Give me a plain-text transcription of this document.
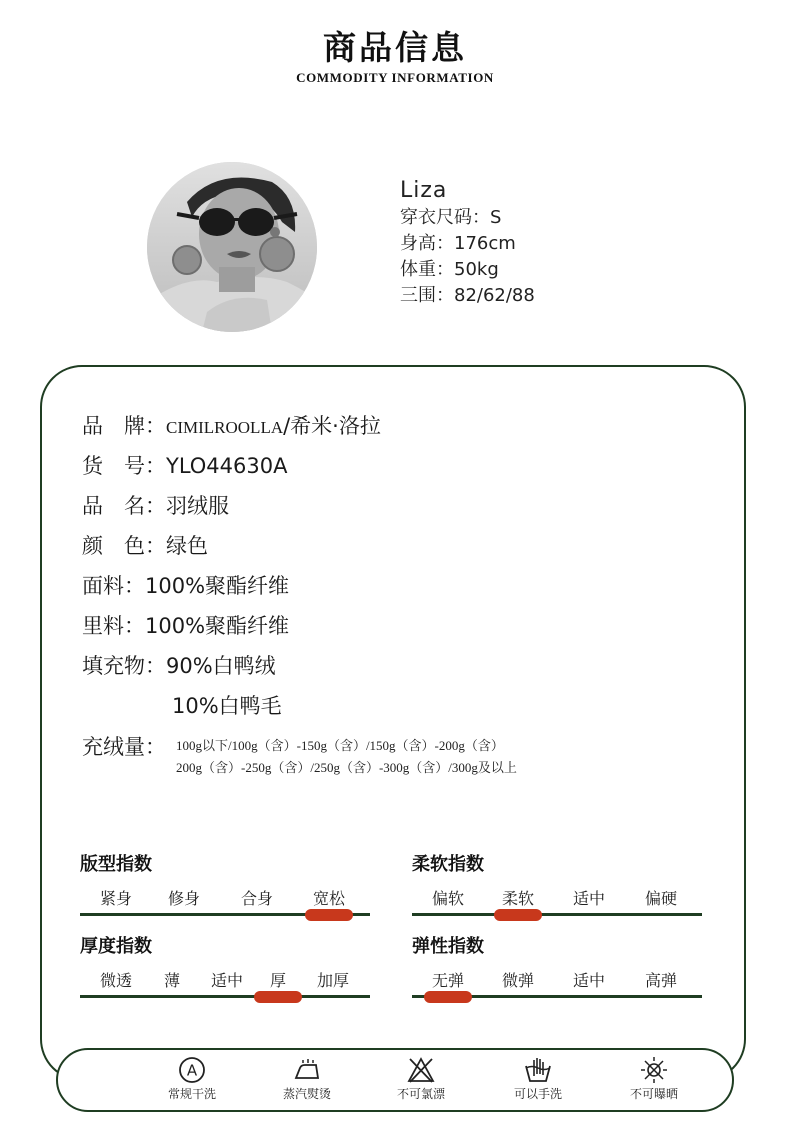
商品信息
COMMODITY INFORMATION
Liza
穿衣尺码：S
身高：176cm
体重：50kg
三围：82/62/88
品　牌：CIMILROOLLA/希米·洛拉
货　号：YLO44630A
品　名：羽绒服
颜　色：绿色
面料：100%聚酯纤维
里料：100%聚酯纤维
填充物：90%白鸭绒
10%白鸭毛
充绒量： 100g以下/100g（含）-150g（含）/150g（含）-200g（含）
200g（含）-250g（含）/250g（含）-300g（含）/300g及以上
版型指数
紧身	修身	合身	宽松
柔软指数
偏软	柔软	适中	偏硬
厚度指数
微透	薄	适中	厚	加厚
弹性指数
无弹	微弹	适中	高弹
A
常规干洗	蒸汽熨烫	不可氯漂	可以手洗	不可曝晒
